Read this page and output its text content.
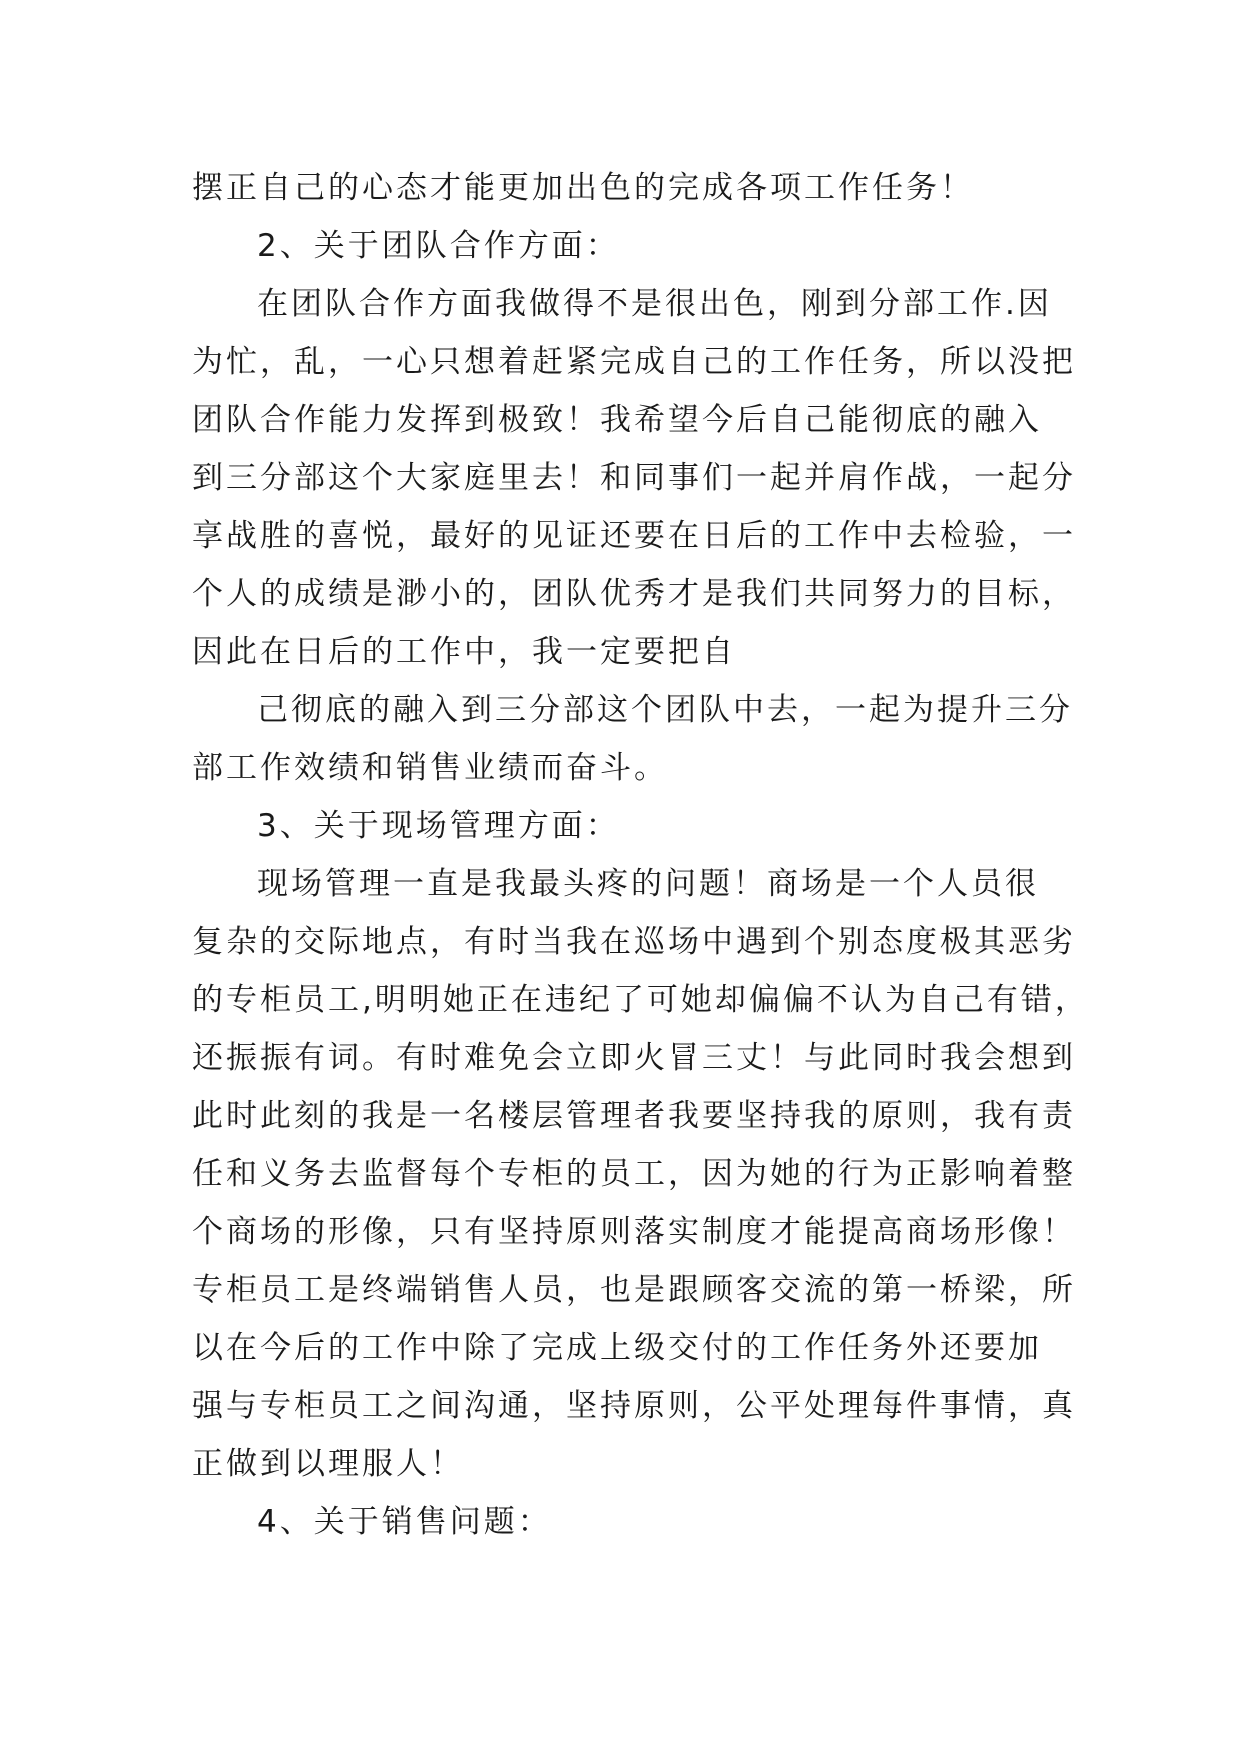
摆正自己的心态才能更加出色的完成各项工作任务！

2、关于团队合作方面：

在团队合作方面我做得不是很出色，刚到分部工作.因

为忙，乱，一心只想着赶紧完成自己的工作任务，所以没把

团队合作能力发挥到极致！我希望今后自己能彻底的融入

到三分部这个大家庭里去！和同事们一起并肩作战，一起分

享战胜的喜悦，最好的见证还要在日后的工作中去检验，一

个人的成绩是渺小的，团队优秀才是我们共同努力的目标，

因此在日后的工作中，我一定要把自

己彻底的融入到三分部这个团队中去，一起为提升三分

部工作效绩和销售业绩而奋斗。

3、关于现场管理方面：

现场管理一直是我最头疼的问题！商场是一个人员很

复杂的交际地点，有时当我在巡场中遇到个别态度极其恶劣

的专柜员工,明明她正在违纪了可她却偏偏不认为自己有错，

还振振有词。有时难免会立即火冒三丈！与此同时我会想到

此时此刻的我是一名楼层管理者我要坚持我的原则，我有责

任和义务去监督每个专柜的员工，因为她的行为正影响着整

个商场的形像，只有坚持原则落实制度才能提高商场形像！

专柜员工是终端销售人员，也是跟顾客交流的第一桥梁，所

以在今后的工作中除了完成上级交付的工作任务外还要加

强与专柜员工之间沟通，坚持原则，公平处理每件事情，真

正做到以理服人！

4、关于销售问题：
